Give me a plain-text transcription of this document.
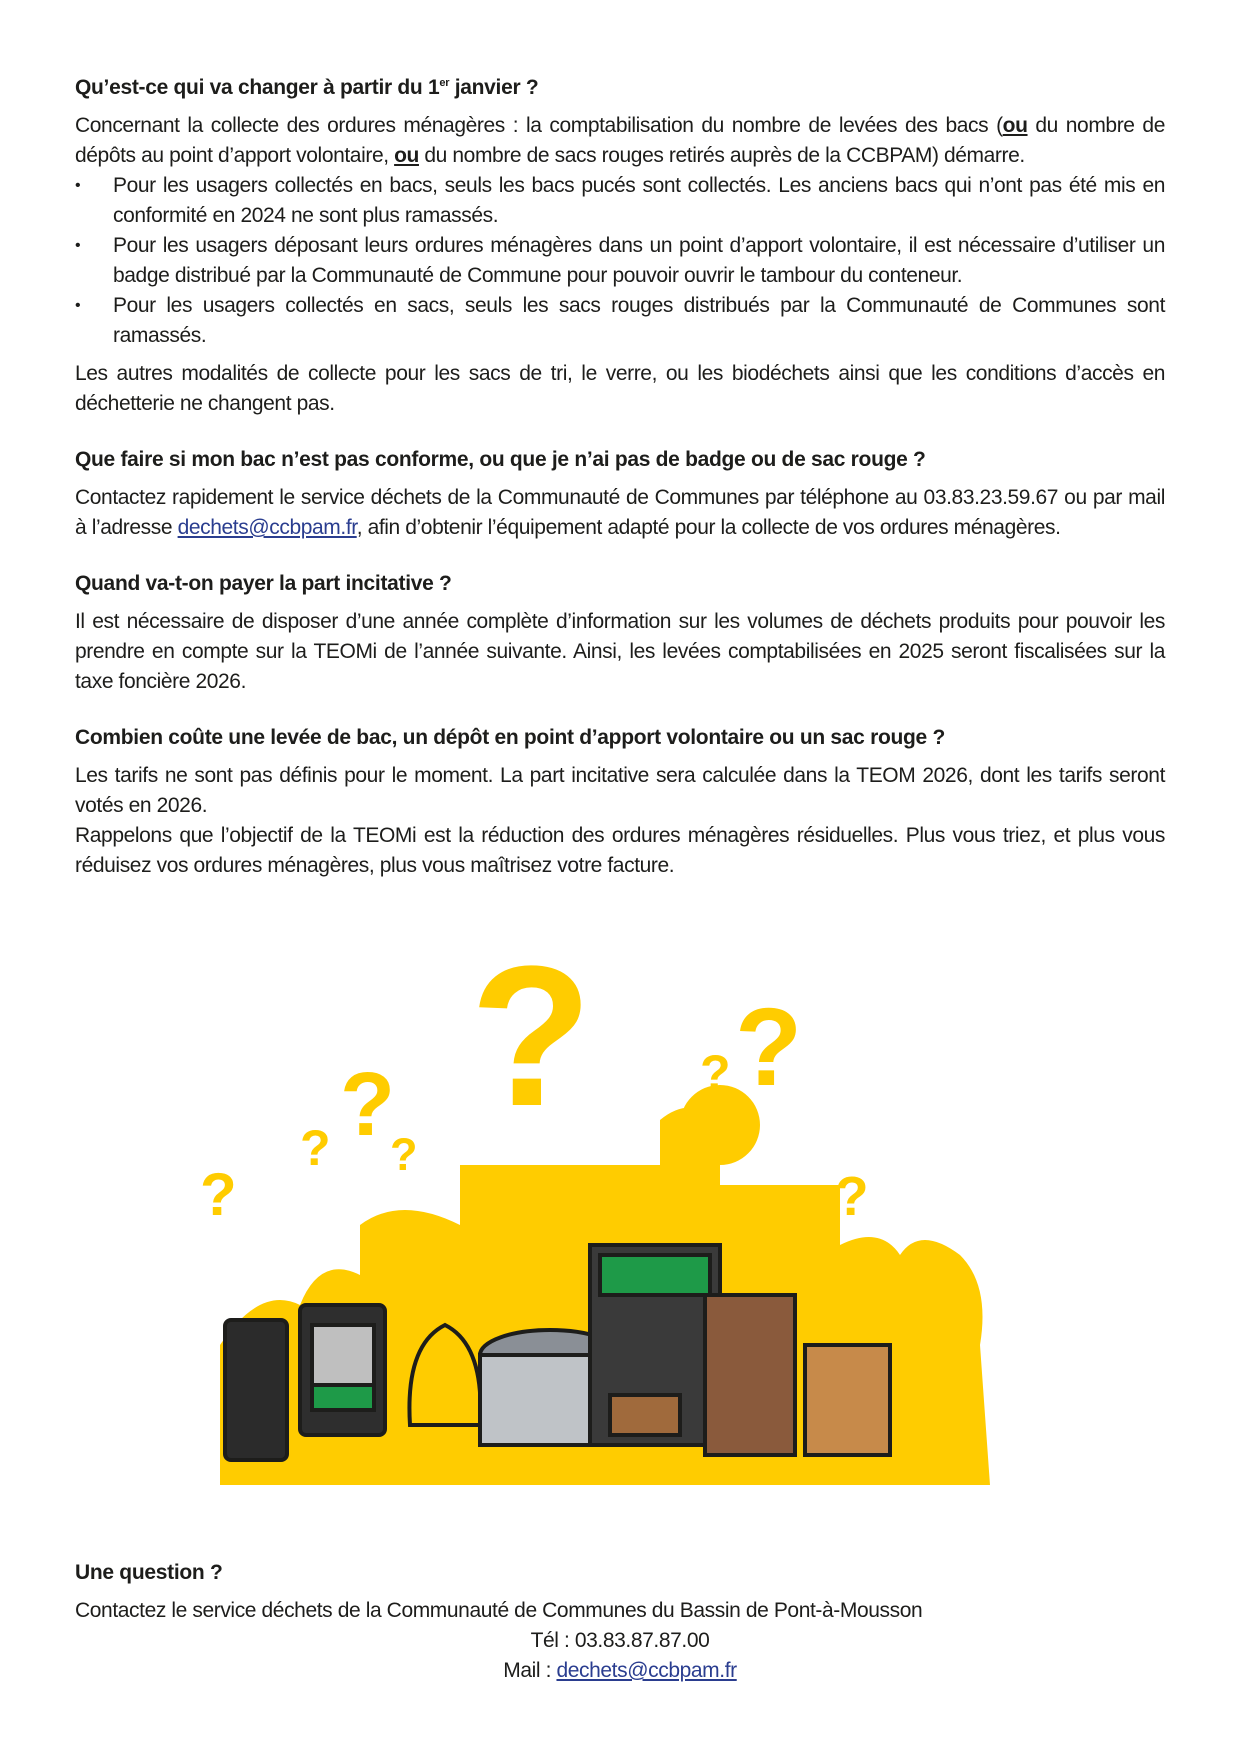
Qu’est-ce qui va changer à partir du 1er janvier ?

Concernant la collecte des ordures ménagères : la comptabilisation du nombre de levées des bacs (ou du nombre de dépôts au point d’apport volontaire, ou du nombre de sacs rouges retirés auprès de la CCBPAM) démarre.

• Pour les usagers collectés en bacs, seuls les bacs pucés sont collectés. Les anciens bacs qui n’ont pas été mis en conformité en 2024 ne sont plus ramassés.
• Pour les usagers déposant leurs ordures ménagères dans un point d’apport volontaire, il est nécessaire d’utiliser un badge distribué par la Communauté de Commune pour pouvoir ouvrir le tambour du conteneur.
• Pour les usagers collectés en sacs, seuls les sacs rouges distribués par la Communauté de Communes sont ramassés.

Les autres modalités de collecte pour les sacs de tri, le verre, ou les biodéchets ainsi que les conditions d’accès en déchetterie ne changent pas.

Que faire si mon bac n’est pas conforme, ou que je n’ai pas de badge ou de sac rouge ?

Contactez rapidement le service déchets de la Communauté de Communes par téléphone au 03.83.23.59.67 ou par mail à l’adresse dechets@ccbpam.fr, afin d’obtenir l’équipement adapté pour la collecte de vos ordures ménagères.

Quand va-t-on payer la part incitative ?

Il est nécessaire de disposer d’une année complète d’information sur les volumes de déchets produits pour pouvoir les prendre en compte sur la TEOMi de l’année suivante. Ainsi, les levées comptabilisées en 2025 seront fiscalisées sur la taxe foncière 2026.

Combien coûte une levée de bac, un dépôt en point d’apport volontaire ou un sac rouge ?

Les tarifs ne sont pas définis pour le moment. La part incitative sera calculée dans la TEOM 2026, dont les tarifs seront votés en 2026.

Rappelons que l’objectif de la TEOMi est la réduction des ordures ménagères résiduelles. Plus vous triez, et plus vous réduisez vos ordures ménagères, plus vous maîtrisez votre facture.

? ?
?
?
? ?
?	?
Une question ?

Contactez le service déchets de la Communauté de Communes du Bassin de Pont-à-Mousson

Tél : 03.83.87.87.00

Mail : dechets@ccbpam.fr
